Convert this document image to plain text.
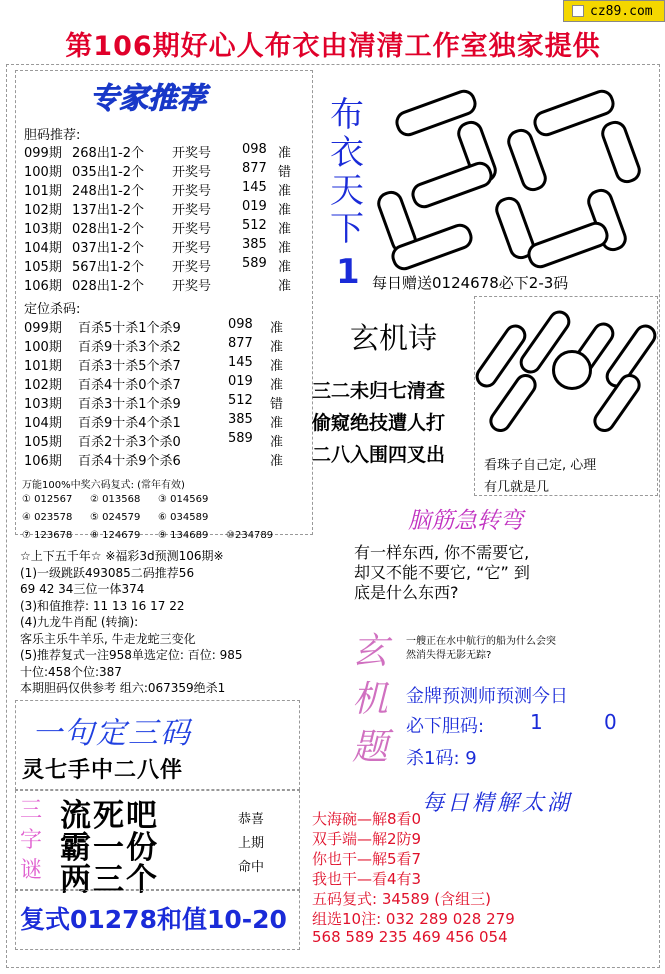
cz89.com
第106期好心人布衣由清清工作室独家提供
专家推荐
胆码推荐:
099期 268出1-2个 开奖号 098 准
100期 035出1-2个 开奖号 877 错
101期 248出1-2个 开奖号 145 准
102期 137出1-2个 开奖号 019 准
103期 028出1-2个 开奖号 512 准
104期 037出1-2个 开奖号 385 准
105期 567出1-2个 开奖号 589 准
106期 028出1-2个 开奖号	准
定位杀码:
099期 百杀5十杀1个杀9	098 准
100期 百杀9十杀3个杀2	877 准
101期 百杀3十杀5个杀7	145 准
102期 百杀4十杀0个杀7	019 准
103期 百杀3十杀1个杀9	512 错
104期 百杀9十杀4个杀1	385 准
105期 百杀2十杀3个杀0	589 准
106期 百杀4十杀9个杀6	准
万能100%中奖六码复式: (常年有效)
① 012567 ② 013568 ③ 014569
④ 023578 ⑤ 024579 ⑥ 034589
⑦ 123678 ⑧ 124679 ⑨ 134689 ⑩234789
布衣天下
1 每日赠送0124678必下2-3码
玄机诗
三二未归七清查
偷窥绝技遭人打
二八入围四叉出	看珠子自己定, 心理
有几就是几
脑筋急转弯
有一样东西, 你不需要它,
却又不能不要它, “它” 到
底是什么东西?
☆上下五千年☆ ※福彩3d预测106期※
(1)一级跳跃493085二码推荐56
69 42 34三位一体374
(3)和值推荐: 11 13 16 17 22
(4)九龙牛肖配 (转摘):
客乐主乐牛羊乐, 牛走龙蛇三变化
(5)推荐复式一注958单选定位: 百位: 985
十位:458个位:387
本期胆码仅供参考 组六:067359绝杀1
玄机题
一艘正在水中航行的船为什么会突
然消失得无影无踪?
金牌预测师预测今日
必下胆码: 1	0
杀1码: 9
一句定三码
灵七手中二八伴
三字谜
流死吧
霸一份
两三个
恭喜
上期
命中
复式01278和值10-20
每日精解太湖
大海碗—解8看0
双手端—解2防9
你也干—解5看7
我也干—看4有3
五码复式: 34589 (含组三)
组选10注: 032 289 028 279
568 589 235 469 456 054
